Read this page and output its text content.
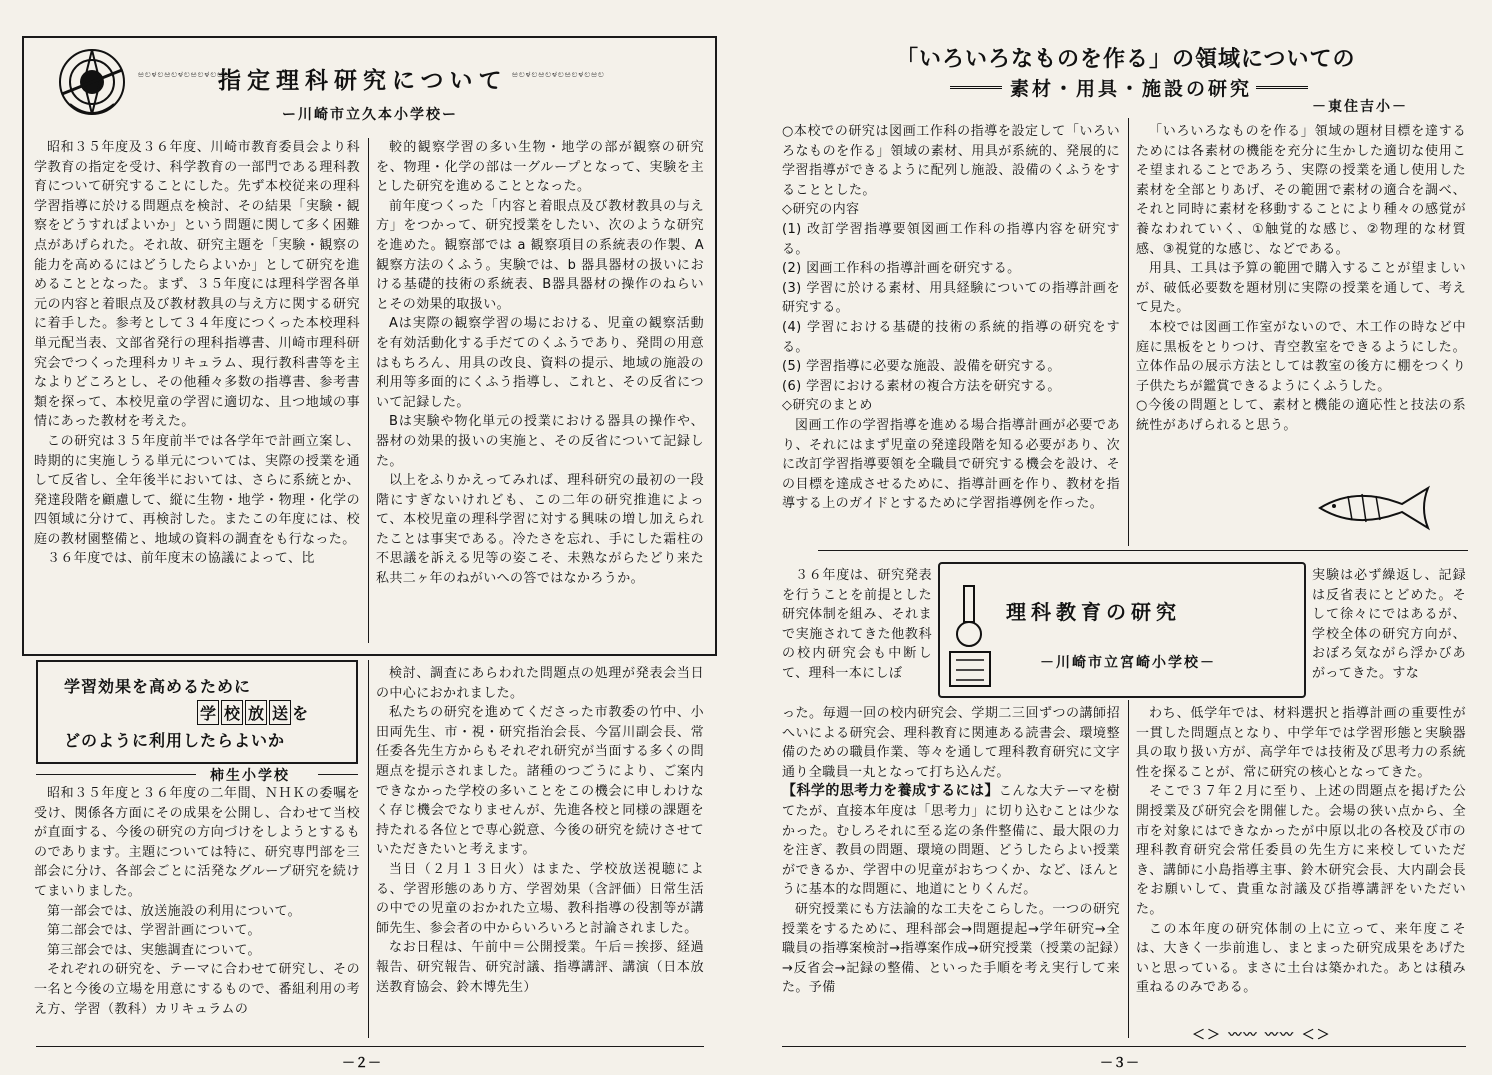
ಱಲಳಲಱಲಳಲಱಲಳಲಱಲ
指定理科研究について ಱಲಳಲಱಲಳಲಱಲಳಲಱಲ
ー川崎市立久本小学校ー

昭和３５年度及３６年度、川崎市教育委員会より科学教育の指定を受け、科学教育の一部門である理科教育について研究することにした。先ず本校従来の理科学習指導に於ける問題点を検討、その結果「実験・観察をどうすればよいか」という問題に関して多く困難点があげられた。それ故、研究主題を「実験・観察の能力を高めるにはどうしたらよいか」として研究を進めることとなった。まず、３５年度には理科学習各単元の内容と着眼点及び教材教具の与え方に関する研究に着手した。参考として３４年度につくった本校理科単元配当表、文部省発行の理科指導書、川崎市理科研究会でつくった理科カリキュラム、現行教科書等を主なよりどころとし、その他種々多数の指導書、参考書類を探って、本校児童の学習に適切な、且つ地域の事情にあった教材を考えた。

この研究は３５年度前半では各学年で計画立案し、時期的に実施しうる単元については、実際の授業を通して反省し、全年後半においては、さらに系統とか、発達段階を顧慮して、縦に生物・地学・物理・化学の四領域に分けて、再検討した。またこの年度には、校庭の教材園整備と、地域の資料の調査をも行なった。

３６年度では、前年度末の協議によって、比

較的観察学習の多い生物・地学の部が観察の研究を、物理・化学の部は一グループとなって、実験を主とした研究を進めることとなった。

前年度つくった「内容と着眼点及び教材教具の与え方」をつかって、研究授業をしたい、次のような研究を進めた。観察部では a 観察項目の系統表の作製、A観察方法のくふう。実験では、b 器具器材の扱いにおける基礎的技術の系統表、B器具器材の操作のねらいとその効果的取扱い。

Aは実際の観察学習の場における、児童の観察活動を有効活動化する手だてのくふうであり、発問の用意はもちろん、用具の改良、資料の提示、地域の施設の利用等多面的にくふう指導し、これと、その反省について記録した。

Bは実験や物化単元の授業における器具の操作や、器材の効果的扱いの実施と、その反省について記録した。

以上をふりかえってみれば、理科研究の最初の一段階にすぎないけれども、この二年の研究推進によって、本校児童の理科学習に対する興味の増し加えられたことは事実である。冷たさを忘れ、手にした霜柱の不思議を訴える児等の姿こそ、未熟ながらたどり来た私共二ヶ年のねがいへの答ではなかろうか。

学習効果を高めるために
学 校 放 送 を
どのように利用したらよいか
柿生小学校

昭和３５年度と３６年度の二年間、ＮＨＫの委嘱を受け、関係各方面にその成果を公開し、合わせて当校が直面する、今後の研究の方向づけをしようとするものであります。主題については特に、研究専門部を三部会に分け、各部会ごとに活発なグループ研究を続けてまいりました。

第一部会では、放送施設の利用について。

第二部会では、学習計画について。

第三部会では、実態調査について。

それぞれの研究を、テーマに合わせて研究し、その一名と今後の立場を用意にするもので、番組利用の考え方、学習（教科）カリキュラムの

検討、調査にあらわれた問題点の処理が発表会当日の中心におかれました。

私たちの研究を進めてくださった市教委の竹中、小田両先生、市・視・研究指治会長、今冨川副会長、常任委各先生方からもそれぞれ研究が当面する多くの問題点を提示されました。諸種のつごうにより、ご案内できなかった学校の多いことをこの機会に申しわけなく存じ機会でなりませんが、先進各校と同様の課題を持たれる各位とで専心鋭意、今後の研究を続けさせていただきたいと考えます。

当日（２月１３日火）はまた、学校放送視聴による、学習形態のあり方、学習効果（含評価）日常生活の中での児童のおかれた立場、教科指導の役割等が講師先生、参会者の中からいろいろと討論されました。

なお日程は、午前中＝公開授業。午后＝挨拶、経過報告、研究報告、研究討議、指導講評、講演（日本放送教育協会、鈴木博先生）

－２－
「いろいろなものを作る」の領域についての
素材・用具・施設の研究
－東住吉小－

○本校での研究は図画工作科の指導を設定して「いろいろなものを作る」領域の素材、用具が系統的、発展的に学習指導ができるように配列し施設、設備のくふうをすることとした。

◇研究の内容

(1) 改訂学習指導要領図画工作科の指導内容を研究する。

(2) 図画工作科の指導計画を研究する。

(3) 学習に於ける素材、用具経験についての指導計画を研究する。

(4) 学習における基礎的技術の系統的指導の研究をする。

(5) 学習指導に必要な施設、設備を研究する。

(6) 学習における素材の複合方法を研究する。

◇研究のまとめ

図画工作の学習指導を進める場合指導計画が必要であり、それにはまず児童の発達段階を知る必要があり、次に改訂学習指導要領を全職員で研究する機会を設け、その目標を達成させるために、指導計画を作り、教材を指導する上のガイドとするために学習指導例を作った。

「いろいろなものを作る」領域の題材目標を達するためには各素材の機能を充分に生かした適切な使用こそ望まれることであろう、実際の授業を通し使用した素材を全部とりあげ、その範囲で素材の適合を調べ、それと同時に素材を移動することにより種々の感覚が養なわれていく、①触覚的な感じ、②物理的な材質感、③視覚的な感じ、などである。

用具、工具は予算の範囲で購入することが望ましいが、破低必要数を題材別に実際の授業を通して、考えて見た。

本校では図画工作室がないので、木工作の時など中庭に黒板をとりつけ、青空教室をできるようにした。立体作品の展示方法としては教室の後方に棚をつくり子供たちが鑑賞できるようにくふうした。

○今後の問題として、素材と機能の適応性と技法の系統性があげられると思う。

理科教育の研究
－川崎市立宮崎小学校－

３６年度は、研究発表を行うことを前提とした研究体制を組み、それまで実施されてきた他教科の校内研究会も中断して、理科一本にしぼ

実験は必ず繰返し、記録は反省表にとどめた。そして徐々にではあるが、学校全体の研究方向が、おぼろ気ながら浮かびあがってきた。すな

った。毎週一回の校内研究会、学期二三回ずつの講師招へいによる研究会、理科教育に関連ある読書会、環境整備のための職員作業、等々を通して理科教育研究に文字通り全職員一丸となって打ち込んだ。

【科学的思考力を養成するには】こんな大テーマを樹てたが、直接本年度は「思考力」に切り込むことは少なかった。むしろそれに至る迄の条件整備に、最大限の力を注ぎ、教員の問題、環境の問題、どうしたらよい授業ができるか、学習中の児童がおちつくか、など、ほんとうに基本的な問題に、地道にとりくんだ。

研究授業にも方法論的な工夫をこらした。一つの研究授業をするために、理科部会→問題提起→学年研究→全職員の指導案検討→指導案作成→研究授業（授業の記録）→反省会→記録の整備、といった手順を考え実行して来た。予備

わち、低学年では、材料選択と指導計画の重要性が一貫した問題点となり、中学年では学習形態と実験器具の取り扱い方が、高学年では技術及び思考力の系統性を探ることが、常に研究の核心となってきた。

そこで３７年２月に至り、上述の問題点を掲げた公開授業及び研究会を開催した。会場の狭い点から、全市を対象にはできなかったが中原以北の各校及び市の理科教育研究会常任委員の先生方に来校していただき、講師に小島指導主事、鈴木研究会長、大内副会長をお願いして、貴重な討議及び指導講評をいただいた。

この本年度の研究体制の上に立って、来年度こそは、大きく一歩前進し、まとまった研究成果をあげたいと思っている。まさに土台は築かれた。あとは積み重ねるのみである。

＜＞ 〰〰 〰〰 ＜＞
－３－
